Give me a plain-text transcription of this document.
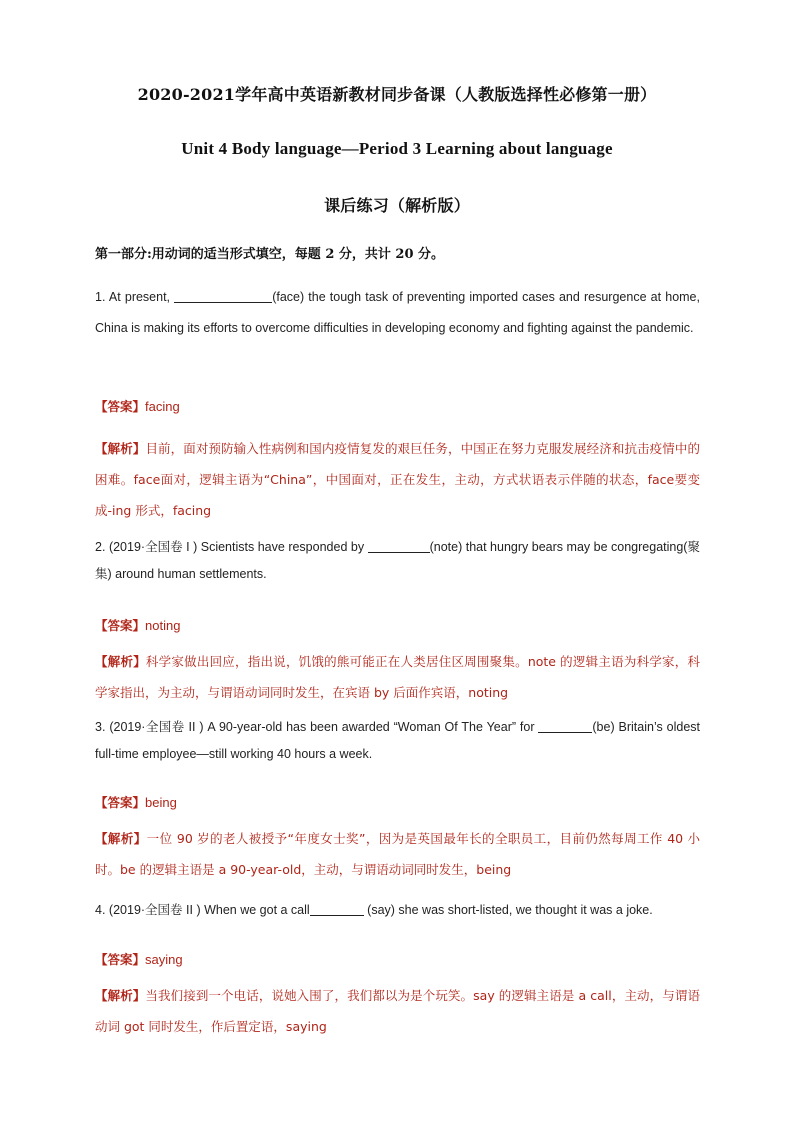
2020-2021学年高中英语新教材同步备课（人教版选择性必修第一册）
Unit 4 Body language—Period 3 Learning about language
课后练习（解析版）
第一部分:用动词的适当形式填空，每题 2 分，共计 20 分。
1. At present,	(face) the tough task of preventing imported cases and resurgence at home, China is making its efforts to overcome difficulties in developing economy and fighting against the pandemic.
【答案】facing
【解析】目前，面对预防输入性病例和国内疫情复发的艰巨任务，中国正在努力克服发展经济和抗击疫情中的困难。face面对，逻辑主语为“China”，中国面对，正在发生，主动，方式状语表示伴随的状态，face要变成-ing 形式，facing
2. (2019·全国卷 I ) Scientists have responded by	(note) that hungry bears may be congregating(聚集) around human settlements.
【答案】noting
【解析】科学家做出回应，指出说，饥饿的熊可能正在人类居住区周围聚集。note 的逻辑主语为科学家，科学家指出，为主动，与谓语动词同时发生，在宾语 by 后面作宾语，noting
3. (2019·全国卷 II ) A 90-year-old has been awarded “Woman Of The Year” for	(be) Britain’s oldest full-time employee—still working 40 hours a week.
【答案】being
【解析】一位 90 岁的老人被授予“年度女士奖”，因为是英国最年长的全职员工，目前仍然每周工作 40 小时。be 的逻辑主语是 a 90-year-old，主动，与谓语动词同时发生，being
4. (2019·全国卷 II ) When we got a call	(say) she was short-listed, we thought it was a joke.
【答案】saying
【解析】当我们接到一个电话，说她入围了，我们都以为是个玩笑。say 的逻辑主语是 a call，主动，与谓语动词 got 同时发生，作后置定语，saying
